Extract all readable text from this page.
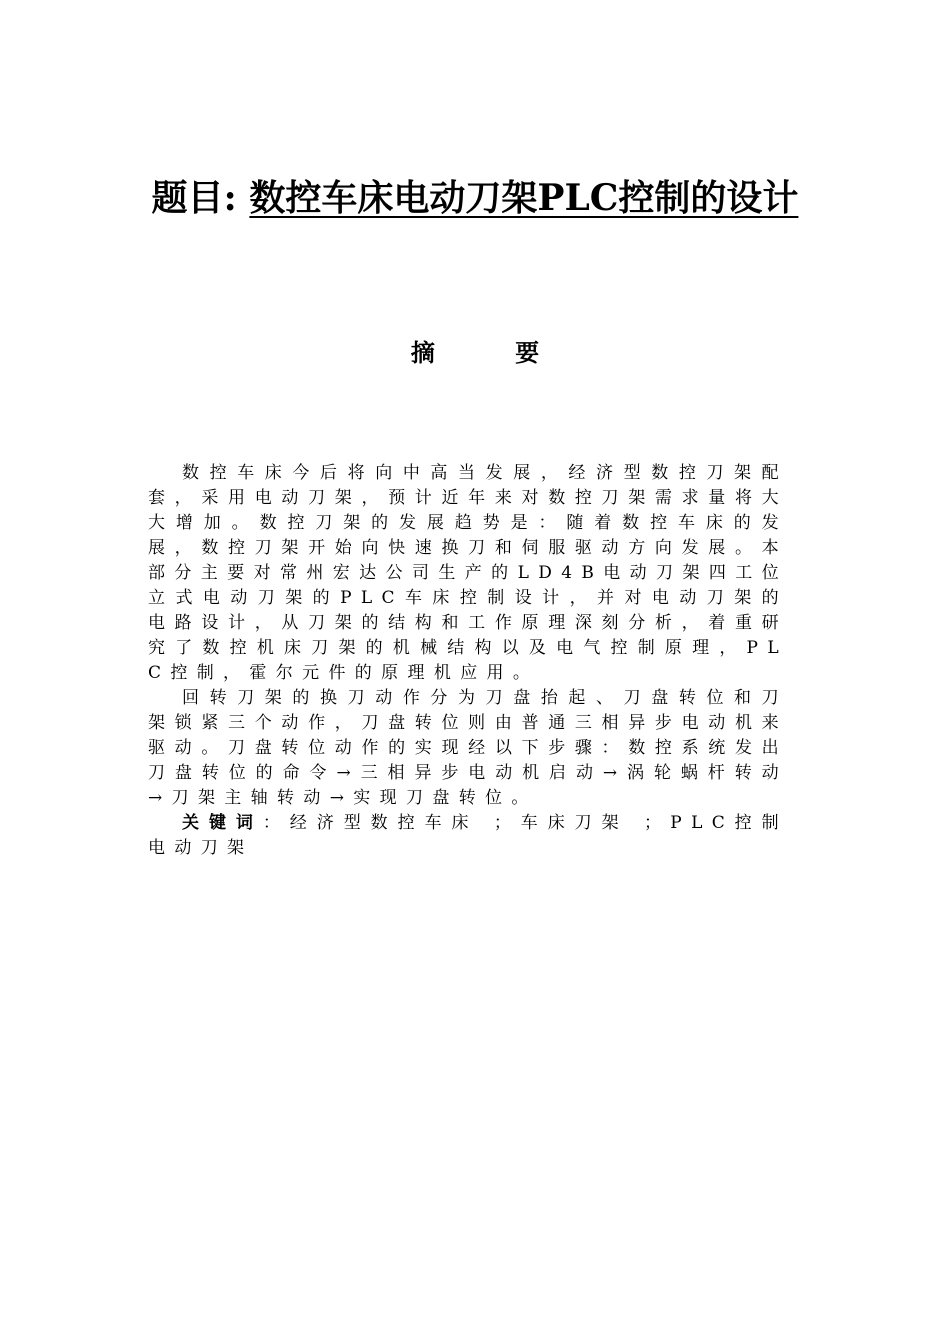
题目: 数控车床电动刀架PLC控制的设计
摘 要

数控车床今后将向中高当发展，经济型数控刀架配套，采用电动刀架，预计近年来对数控刀架需求量将大大增加。数控刀架的发展趋势是：随着数控车床的发展，数控刀架开始向快速换刀和伺服驱动方向发展。本部分主要对常州宏达公司生产的LD4B电动刀架四工位立式电动刀架的PLC车床控制设计，并对电动刀架的电路设计，从刀架的结构和工作原理深刻分析，着重研究了数控机床刀架的机械结构以及电气控制原理，PLC控制，霍尔元件的原理机应用。

回转刀架的换刀动作分为刀盘抬起、刀盘转位和刀架锁紧三个动作，刀盘转位则由普通三相异步电动机来驱动。刀盘转位动作的实现经以下步骤：数控系统发出刀盘转位的命令→三相异步电动机启动→涡轮蜗杆转动→刀架主轴转动→实现刀盘转位。

关键词：经济型数控车床 ；车床刀架 ；PLC控制电动刀架
